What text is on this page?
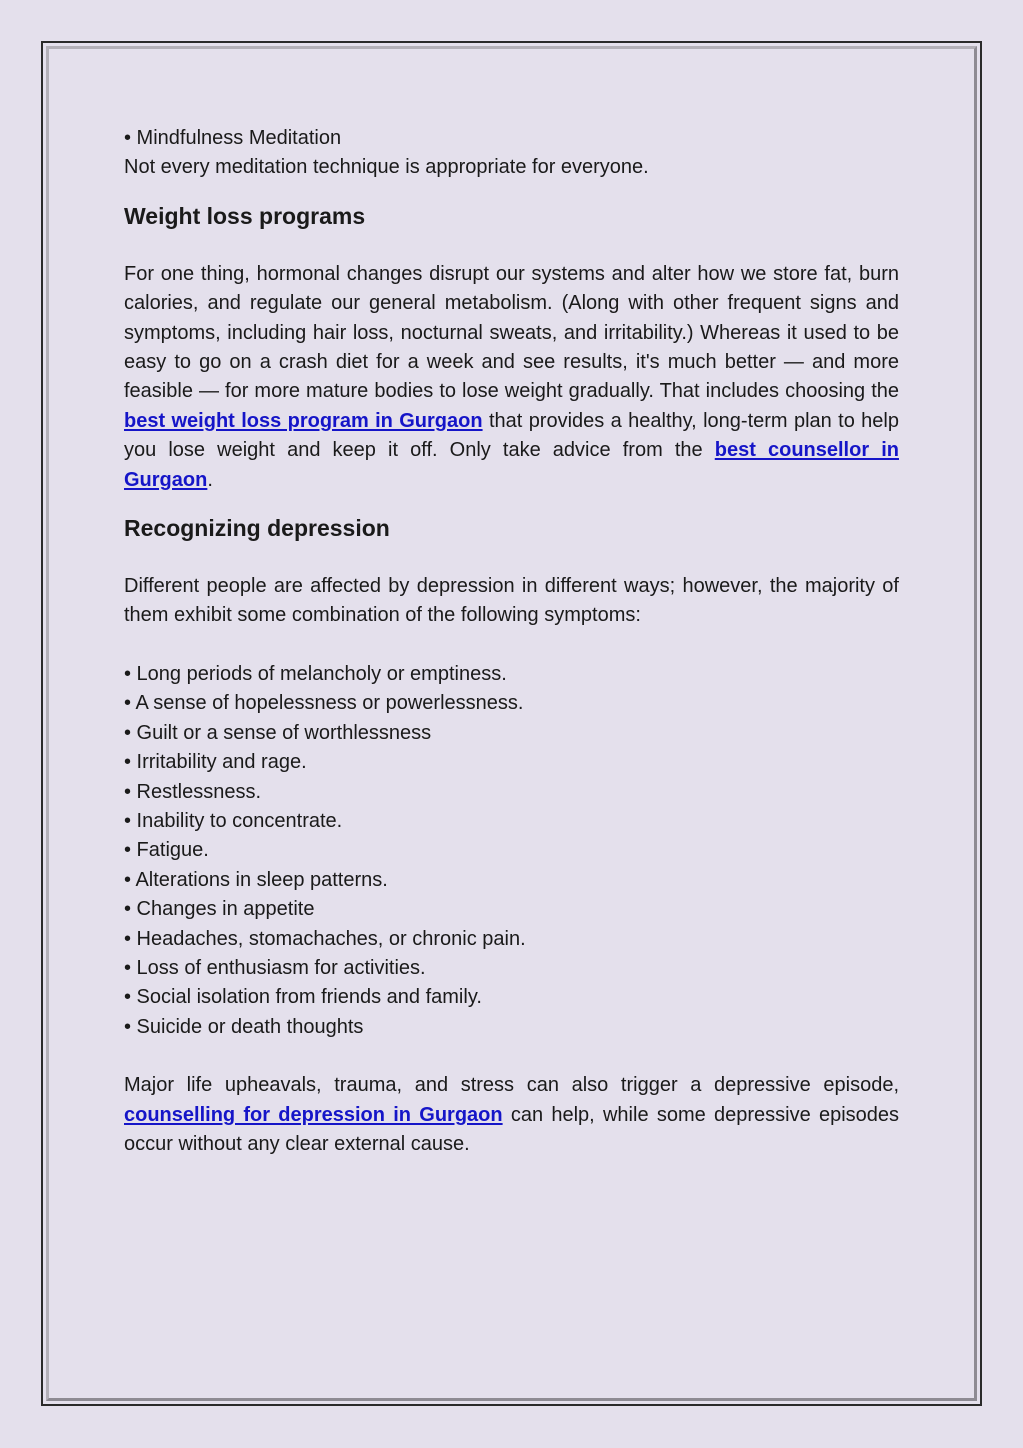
• Mindfulness Meditation

Not every meditation technique is appropriate for everyone.

Weight loss programs

For one thing, hormonal changes disrupt our systems and alter how we store fat, burn calories, and regulate our general metabolism. (Along with other frequent signs and symptoms, including hair loss, nocturnal sweats, and irritability.) Whereas it used to be easy to go on a crash diet for a week and see results, it's much better — and more feasible — for more mature bodies to lose weight gradually. That includes choosing the best weight loss program in Gurgaon that provides a healthy, long-term plan to help you lose weight and keep it off. Only take advice from the best counsellor in Gurgaon.

Recognizing depression

Different people are affected by depression in different ways; however, the majority of them exhibit some combination of the following symptoms:

• Long periods of melancholy or emptiness.
• A sense of hopelessness or powerlessness.
• Guilt or a sense of worthlessness
• Irritability and rage.
• Restlessness.
• Inability to concentrate.
• Fatigue.
• Alterations in sleep patterns.
• Changes in appetite
• Headaches, stomachaches, or chronic pain.
• Loss of enthusiasm for activities.
• Social isolation from friends and family.
• Suicide or death thoughts

Major life upheavals, trauma, and stress can also trigger a depressive episode, counselling for depression in Gurgaon can help, while some depressive episodes occur without any clear external cause.
